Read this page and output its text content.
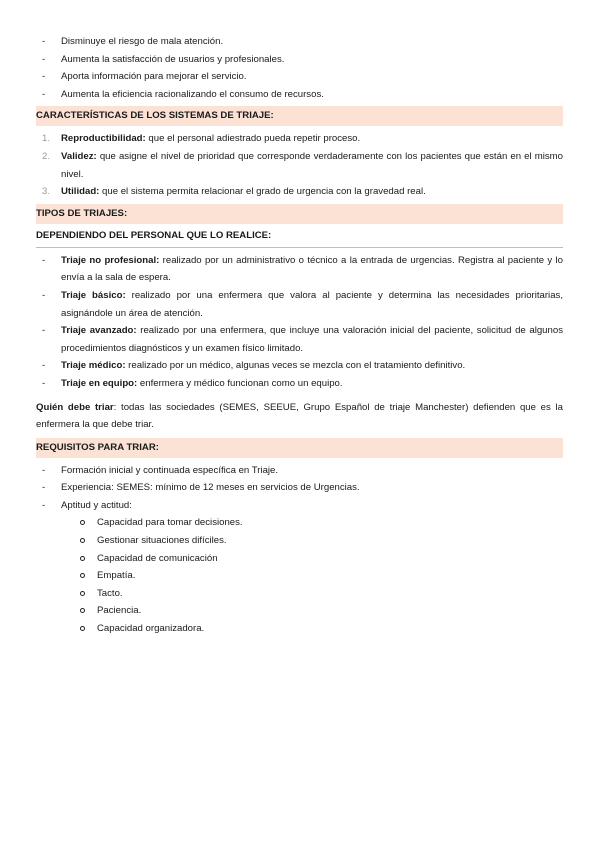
- Disminuye el riesgo de mala atención.
- Aumenta la satisfacción de usuarios y profesionales.
- Aporta información para mejorar el servicio.
- Aumenta la eficiencia racionalizando el consumo de recursos.
CARACTERÍSTICAS DE LOS SISTEMAS DE TRIAJE:
1. Reproductibilidad: que el personal adiestrado pueda repetir proceso.
2. Validez: que asigne el nivel de prioridad que corresponde verdaderamente con los pacientes que están en el mismo nivel.
3. Utilidad: que el sistema permita relacionar el grado de urgencia con la gravedad real.
TIPOS DE TRIAJES:
DEPENDIENDO DEL PERSONAL QUE LO REALICE:
- Triaje no profesional: realizado por un administrativo o técnico a la entrada de urgencias. Registra al paciente y lo envía a la sala de espera.
- Triaje básico: realizado por una enfermera que valora al paciente y determina las necesidades prioritarias, asignándole un área de atención.
- Triaje avanzado: realizado por una enfermera, que incluye una valoración inicial del paciente, solicitud de algunos procedimientos diagnósticos y un examen físico limitado.
- Triaje médico: realizado por un médico, algunas veces se mezcla con el tratamiento definitivo.
- Triaje en equipo: enfermera y médico funcionan como un equipo.

Quién debe triar: todas las sociedades (SEMES, SEEUE, Grupo Español de triaje Manchester) defienden que es la enfermera la que debe triar.

REQUISITOS PARA TRIAR:
- Formación inicial y continuada específica en Triaje.
- Experiencia: SEMES: mínimo de 12 meses en servicios de Urgencias.
- Aptitud y actitud:
Capacidad para tomar decisiones.
Gestionar situaciones difíciles.
Capacidad de comunicación
Empatía.
Tacto.
Paciencia.
Capacidad organizadora.
